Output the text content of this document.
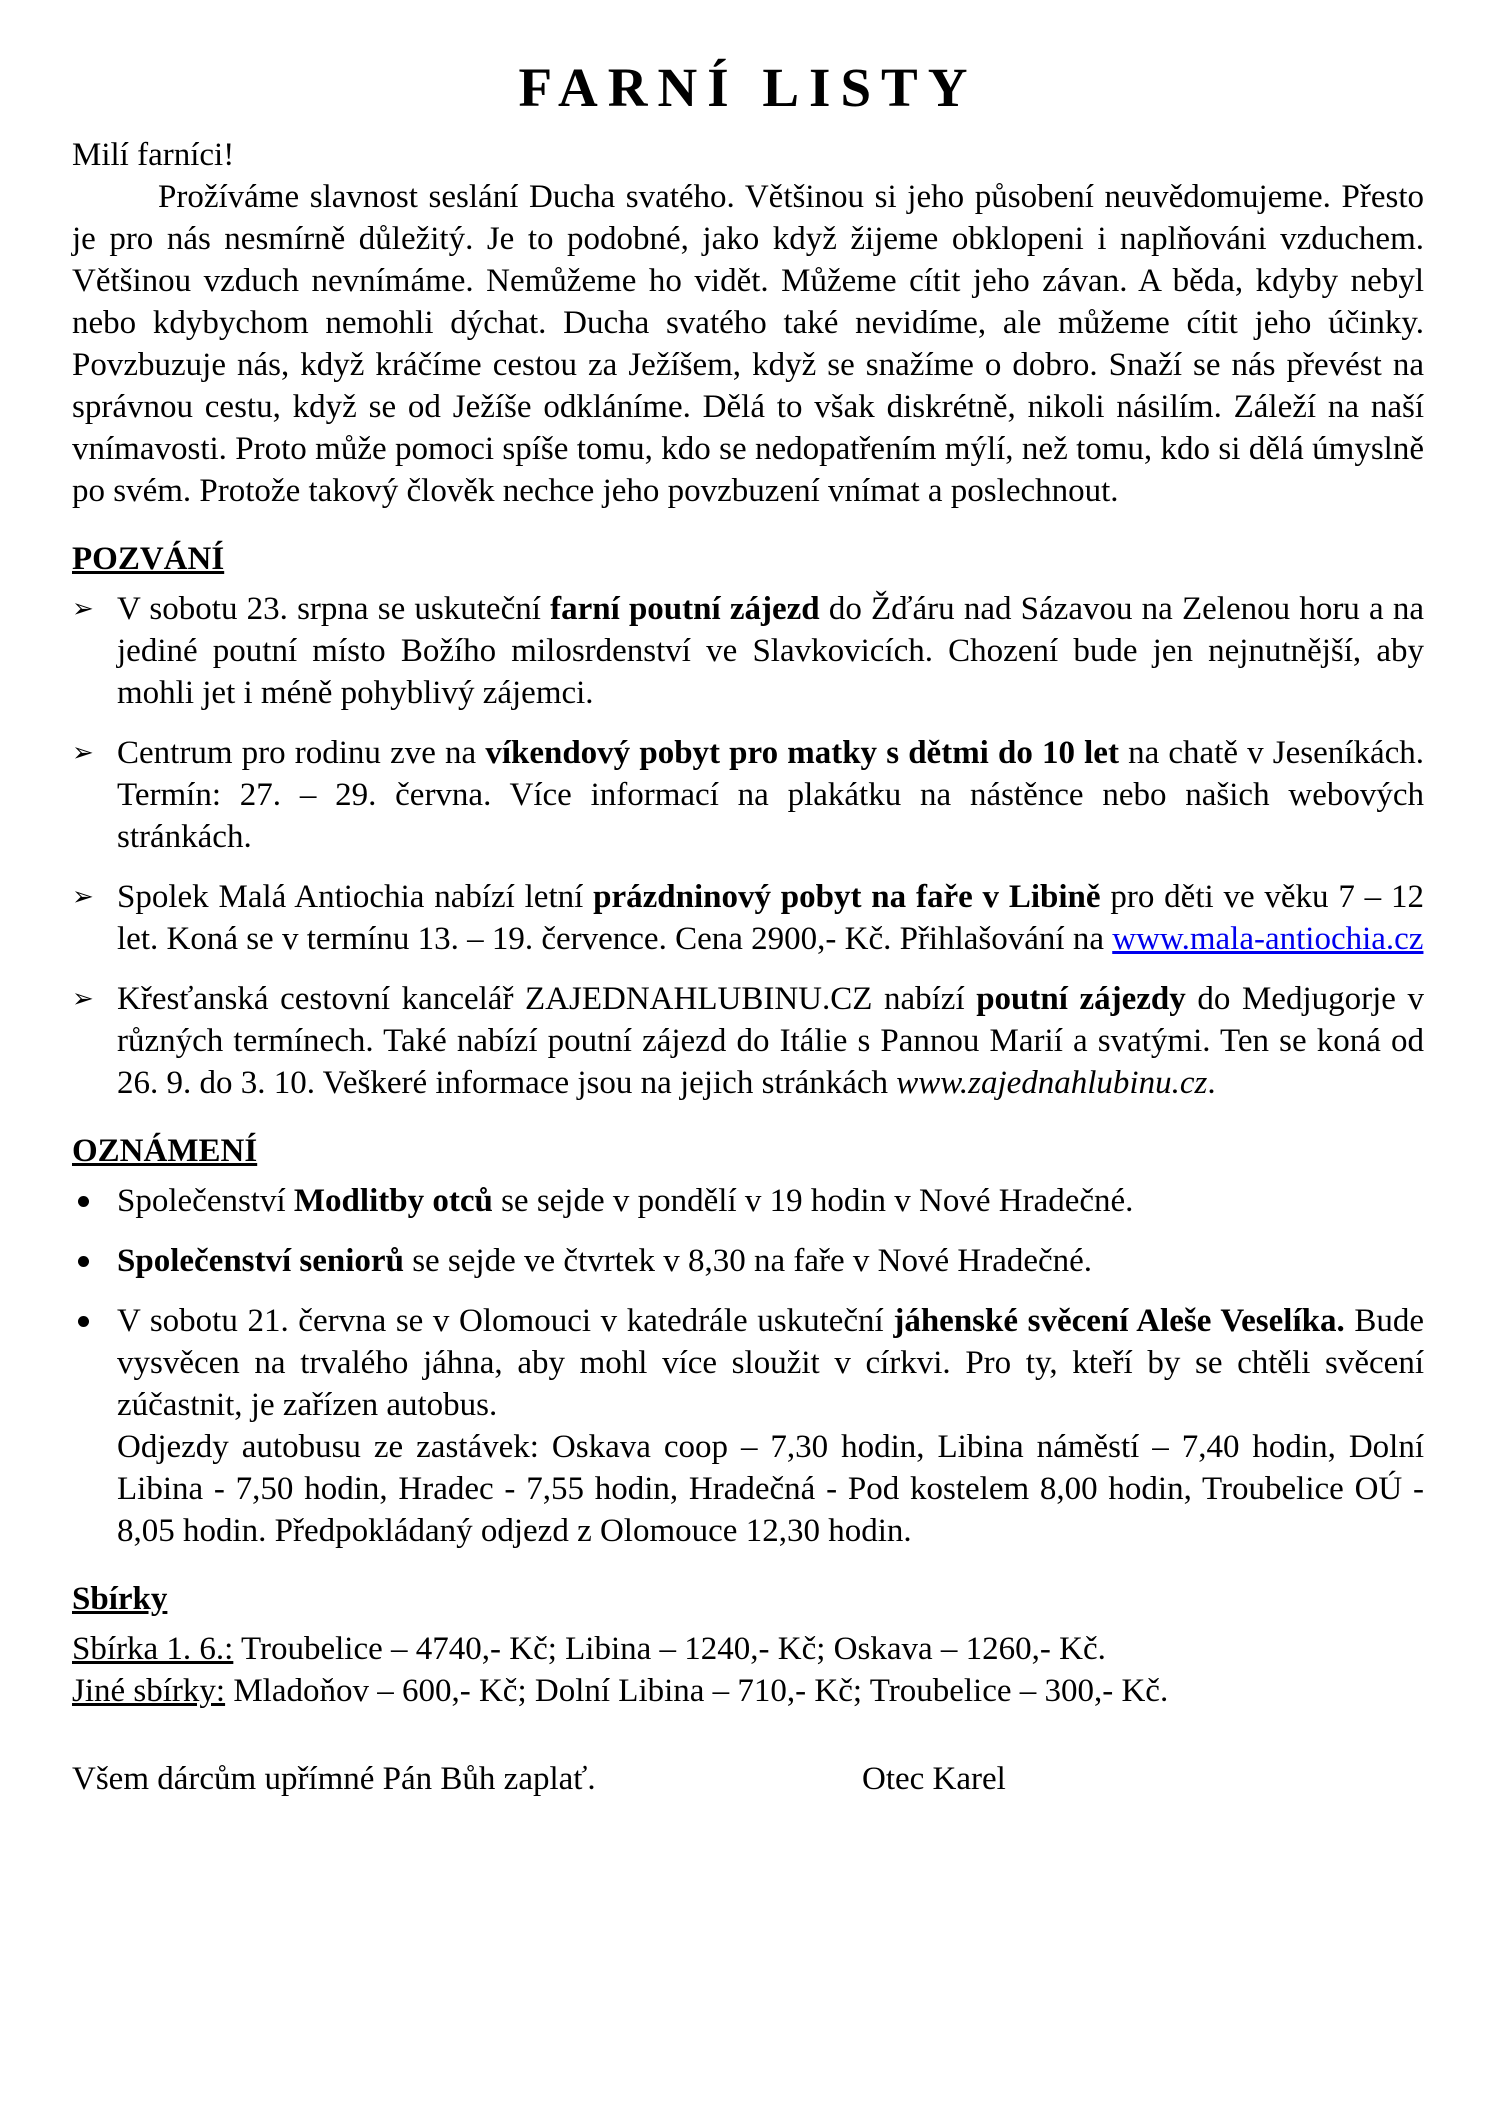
FARNÍ LISTY

Milí farníci!

Prožíváme slavnost seslání Ducha svatého. Většinou si jeho působení neuvědomujeme. Přesto je pro nás nesmírně důležitý. Je to podobné, jako když žijeme obklopeni i naplňováni vzduchem. Většinou vzduch nevnímáme. Nemůžeme ho vidět. Můžeme cítit jeho závan. A běda, kdyby nebyl nebo kdybychom nemohli dýchat. Ducha svatého také nevidíme, ale můžeme cítit jeho účinky. Povzbuzuje nás, když kráčíme cestou za Ježíšem, když se snažíme o dobro. Snaží se nás převést na správnou cestu, když se od Ježíše odkláníme. Dělá to však diskrétně, nikoli násilím. Záleží na naší vnímavosti. Proto může pomoci spíše tomu, kdo se nedopatřením mýlí, než tomu, kdo si dělá úmyslně po svém. Protože takový člověk nechce jeho povzbuzení vnímat a poslechnout.

POZVÁNÍ
➢ V sobotu 23. srpna se uskuteční farní poutní zájezd do Žďáru nad Sázavou na Zelenou horu a na jediné poutní místo Božího milosrdenství ve Slavkovicích. Chození bude jen nejnutnější, aby mohli jet i méně pohyblivý zájemci.
➢ Centrum pro rodinu zve na víkendový pobyt pro matky s dětmi do 10 let na chatě v Jeseníkách. Termín: 27. – 29. června. Více informací na plakátku na nástěnce nebo našich webových stránkách.
➢ Spolek Malá Antiochia nabízí letní prázdninový pobyt na faře v Libině pro děti ve věku 7 – 12 let. Koná se v termínu 13. – 19. července. Cena 2900,- Kč. Přihlašování na www.mala-antiochia.cz
➢ Křesťanská cestovní kancelář ZAJEDNAHLUBINU.CZ nabízí poutní zájezdy do Medjugorje v různých termínech. Také nabízí poutní zájezd do Itálie s Pannou Marií a svatými. Ten se koná od 26. 9. do 3. 10. Veškeré informace jsou na jejich stránkách www.zajednahlubinu.cz.
OZNÁMENÍ
Společenství Modlitby otců se sejde v pondělí v 19 hodin v Nové Hradečné.
Společenství seniorů se sejde ve čtvrtek v 8,30 na faře v Nové Hradečné.
V sobotu 21. června se v Olomouci v katedrále uskuteční jáhenské svěcení Aleše Veselíka. Bude vysvěcen na trvalého jáhna, aby mohl více sloužit v církvi. Pro ty, kteří by se chtěli svěcení zúčastnit, je zařízen autobus.
Odjezdy autobusu ze zastávek: Oskava coop – 7,30 hodin, Libina náměstí – 7,40 hodin, Dolní Libina - 7,50 hodin, Hradec - 7,55 hodin, Hradečná - Pod kostelem 8,00 hodin, Troubelice OÚ - 8,05 hodin. Předpokládaný odjezd z Olomouce 12,30 hodin.
Sbírky

Sbírka 1. 6.: Troubelice – 4740,- Kč; Libina – 1240,- Kč; Oskava – 1260,- Kč.

Jiné sbírky: Mladoňov – 600,- Kč; Dolní Libina – 710,- Kč; Troubelice – 300,- Kč.

Všem dárcům upřímné Pán Bůh zaplať.	Otec Karel
